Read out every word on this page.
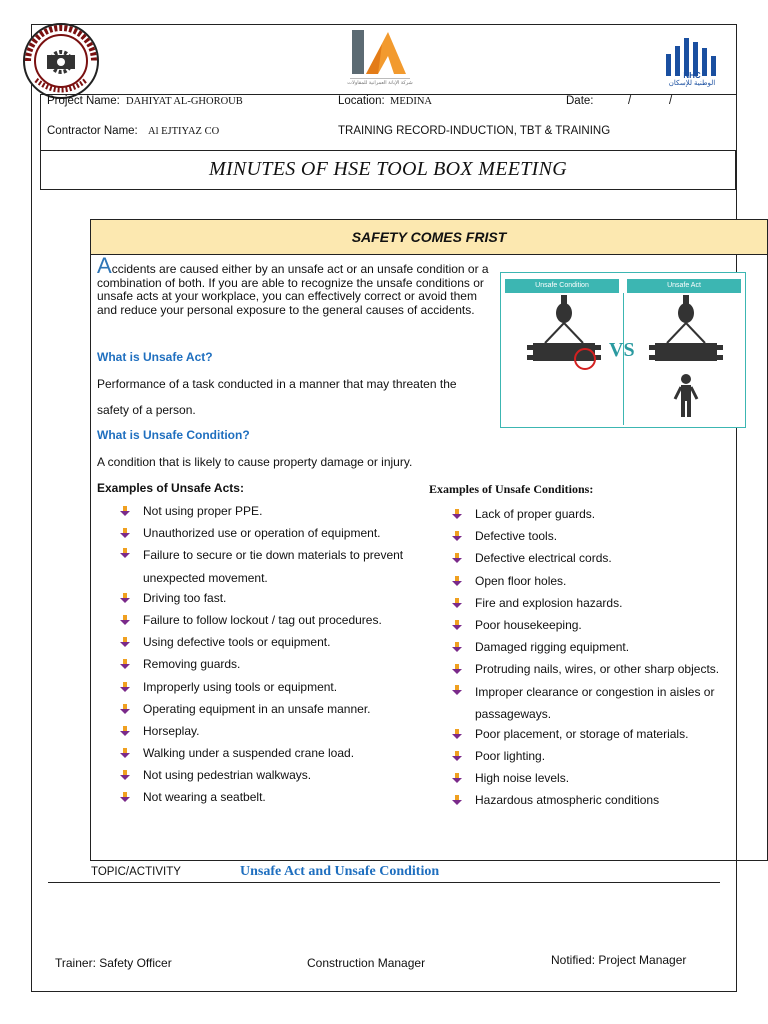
شركة الإبانة العمرانية للمقاولات
NHC
الوطنية للإسكان
Project Name: DAHIYAT AL-GHOROUB	Location: MEDINA	Date:	/	/
Contractor Name: Al EJTIYAZ CO	TRAINING RECORD-INDUCTION, TBT & TRAINING
MINUTES OF HSE TOOL BOX MEETING
SAFETY COMES FRIST
Accidents are caused either by an unsafe act or an unsafe condition or a combination of both. If you are able to recognize the unsafe conditions or unsafe acts at your workplace, you can effectively correct or avoid them and reduce your personal exposure to the general causes of accidents.
What is Unsafe Act?
Performance of a task conducted in a manner that may threaten the
safety of a person.
What is Unsafe Condition?
A condition that is likely to cause property damage or injury.
Unsafe Condition	Unsafe Act
VS
Examples of Unsafe Acts:	Examples of Unsafe Conditions:
Not using proper PPE.
Unauthorized use or operation of equipment.
Failure to secure or tie down materials to prevent unexpected movement.
Driving too fast.
Failure to follow lockout / tag out procedures.
Using defective tools or equipment.
Removing guards.
Improperly using tools or equipment.
Operating equipment in an unsafe manner.
Horseplay.
Walking under a suspended crane load.
Not using pedestrian walkways.
Not wearing a seatbelt.
Lack of proper guards.
Defective tools.
Defective electrical cords.
Open floor holes.
Fire and explosion hazards.
Poor housekeeping.
Damaged rigging equipment.
Protruding nails, wires, or other sharp objects.
Improper clearance or congestion in aisles or passageways.
Poor placement, or storage of materials.
Poor lighting.
High noise levels.
Hazardous atmospheric conditions
TOPIC/ACTIVITY	Unsafe Act and Unsafe Condition
Trainer: Safety Officer	Construction Manager	Notified: Project Manager
